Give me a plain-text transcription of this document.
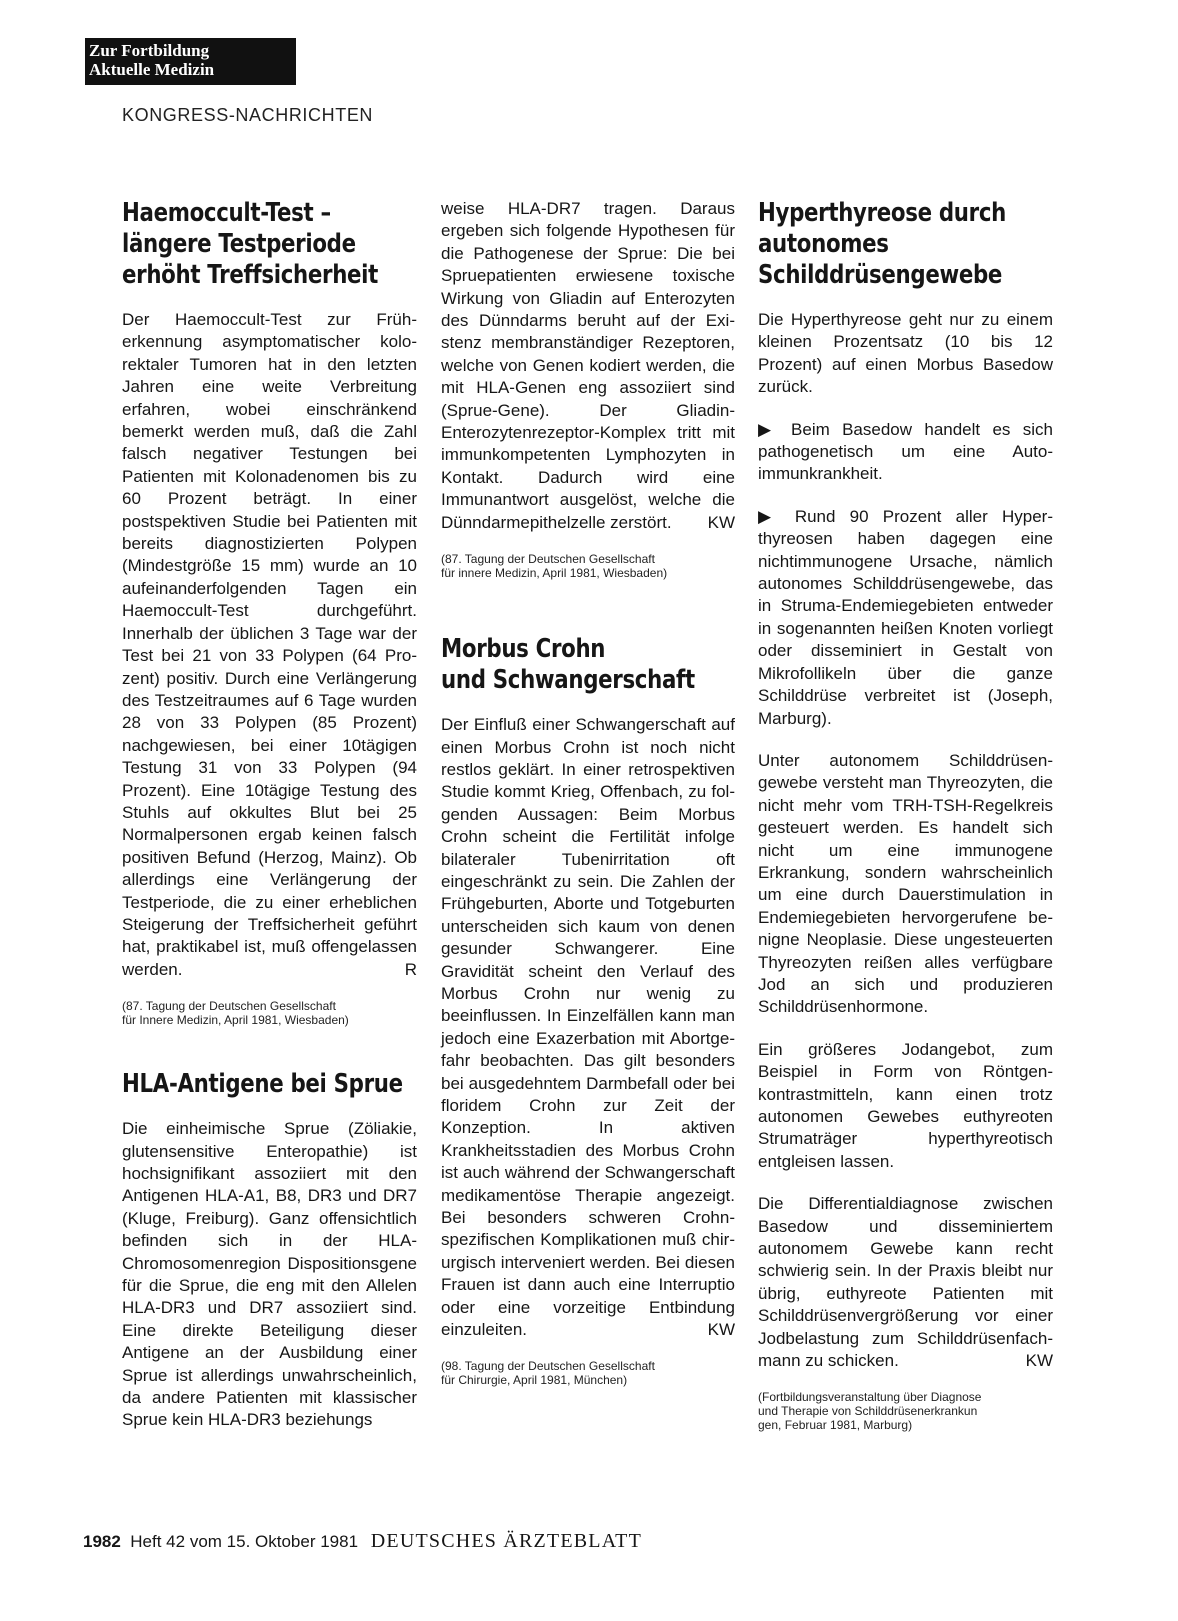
Zur Fortbildung
Aktuelle Medizin
KONGRESS-NACHRICHTEN
Haemoccult-Test –
längere Testperiode
erhöht Treffsicherheit

Der Haemoccult-Test zur Früherkennung asymptomatischer kolorektaler Tumoren hat in den letzten Jahren eine weite Verbreitung erfahren, wobei einschränkend bemerkt werden muß, daß die Zahl falsch negativer Testungen bei Patienten mit Kolonadenomen bis zu 60 Prozent beträgt. In einer postspektiven Studie bei Patienten mit bereits diagnostizierten Polypen (Mindestgröße 15 mm) wurde an 10 aufeinanderfolgenden Tagen ein Haemoccult-Test durchgeführt. Innerhalb der üblichen 3 Tage war der Test bei 21 von 33 Polypen (64 Prozent) positiv. Durch eine Verlängerung des Testzeitraumes auf 6 Tage wurden 28 von 33 Polypen (85 Prozent) nachgewiesen, bei einer 10tägigen Testung 31 von 33 Polypen (94 Prozent). Eine 10tägige Testung des Stuhls auf okkultes Blut bei 25 Normalpersonen ergab keinen falsch positiven Befund (Herzog, Mainz). Ob allerdings eine Verlängerung der Testperiode, die zu einer erheblichen Steigerung der Treffsicherheit geführt hat, praktikabel ist, muß offengelassen werden.	R

(87. Tagung der Deutschen Gesellschaft
für Innere Medizin, April 1981, Wiesbaden)

HLA-Antigene bei Sprue

Die einheimische Sprue (Zöliakie, glutensensitive Enteropathie) ist hochsignifikant assoziiert mit den Antigenen HLA-A1, B8, DR3 und DR7 (Kluge, Freiburg). Ganz offensichtlich befinden sich in der HLA-Chromosomenregion Dispositionsgene für die Sprue, die eng mit den Allelen HLA-DR3 und DR7 assoziiert sind. Eine direkte Beteiligung dieser Antigene an der Ausbildung einer Sprue ist allerdings unwahrscheinlich, da andere Patienten mit klassischer Sprue kein HLA-DR3 beziehungs

weise HLA-DR7 tragen. Daraus ergeben sich folgende Hypothesen für die Pathogenese der Sprue: Die bei Spruepatienten erwiesene toxische Wirkung von Gliadin auf Enterozyten des Dünndarms beruht auf der Existenz membranständiger Rezeptoren, welche von Genen kodiert werden, die mit HLA-Genen eng assoziiert sind (Sprue-Gene). Der Gliadin-Enterozytenrezeptor-Komplex tritt mit immunkompetenten Lymphozyten in Kontakt. Dadurch wird eine Immunantwort ausgelöst, welche die Dünndarmepithelzelle zerstört. KW

(87. Tagung der Deutschen Gesellschaft
für innere Medizin, April 1981, Wiesbaden)

Morbus Crohn
und Schwangerschaft

Der Einfluß einer Schwangerschaft auf einen Morbus Crohn ist noch nicht restlos geklärt. In einer retrospektiven Studie kommt Krieg, Offenbach, zu folgenden Aussagen: Beim Morbus Crohn scheint die Fertilität infolge bilateraler Tubenirritation oft eingeschränkt zu sein. Die Zahlen der Frühgeburten, Aborte und Totgeburten unterscheiden sich kaum von denen gesunder Schwangerer. Eine Gravidität scheint den Verlauf des Morbus Crohn nur wenig zu beeinflussen. In Einzelfällen kann man jedoch eine Exazerbation mit Abortgefahr beobachten. Das gilt besonders bei ausgedehntem Darmbefall oder bei floridem Crohn zur Zeit der Konzeption. In aktiven Krankheitsstadien des Morbus Crohn ist auch während der Schwangerschaft medikamentöse Therapie angezeigt. Bei besonders schweren Crohn-spezifischen Komplikationen muß chirurgisch interveniert werden. Bei diesen Frauen ist dann auch eine Interruptio oder eine vorzeitige Entbindung einzuleiten.	KW

(98. Tagung der Deutschen Gesellschaft
für Chirurgie, April 1981, München)

Hyperthyreose durch
autonomes
Schilddrüsengewebe

Die Hyperthyreose geht nur zu einem kleinen Prozentsatz (10 bis 12 Prozent) auf einen Morbus Basedow zurück.

▶ Beim Basedow handelt es sich pathogenetisch um eine Autoimmunkrankheit.

▶ Rund 90 Prozent aller Hyperthyreosen haben dagegen eine nichtimmunogene Ursache, nämlich autonomes Schilddrüsengewebe, das in Struma-Endemiegebieten entweder in sogenannten heißen Knoten vorliegt oder disseminiert in Gestalt von Mikrofollikeln über die ganze Schilddrüse verbreitet ist (Joseph, Marburg).

Unter autonomem Schilddrüsengewebe versteht man Thyreozyten, die nicht mehr vom TRH-TSH-Regelkreis gesteuert werden. Es handelt sich nicht um eine immunogene Erkrankung, sondern wahrscheinlich um eine durch Dauerstimulation in Endemiegebieten hervorgerufene benigne Neoplasie. Diese ungesteuerten Thyreozyten reißen alles verfügbare Jod an sich und produzieren Schilddrüsenhormone.

Ein größeres Jodangebot, zum Beispiel in Form von Röntgenkontrastmitteln, kann einen trotz autonomen Gewebes euthyreoten Strumaträger hyperthyreotisch entgleisen lassen.

Die Differentialdiagnose zwischen Basedow und disseminiertem autonomem Gewebe kann recht schwierig sein. In der Praxis bleibt nur übrig, euthyreote Patienten mit Schilddrüsenvergrößerung vor einer Jodbelastung zum Schilddrüsenfachmann zu schicken.	KW

(Fortbildungsveranstaltung über Diagnose
und Therapie von Schilddrüsenerkrankun
gen, Februar 1981, Marburg)

1982 Heft 42 vom 15. Oktober 1981 DEUTSCHES ÄRZTEBLATT
